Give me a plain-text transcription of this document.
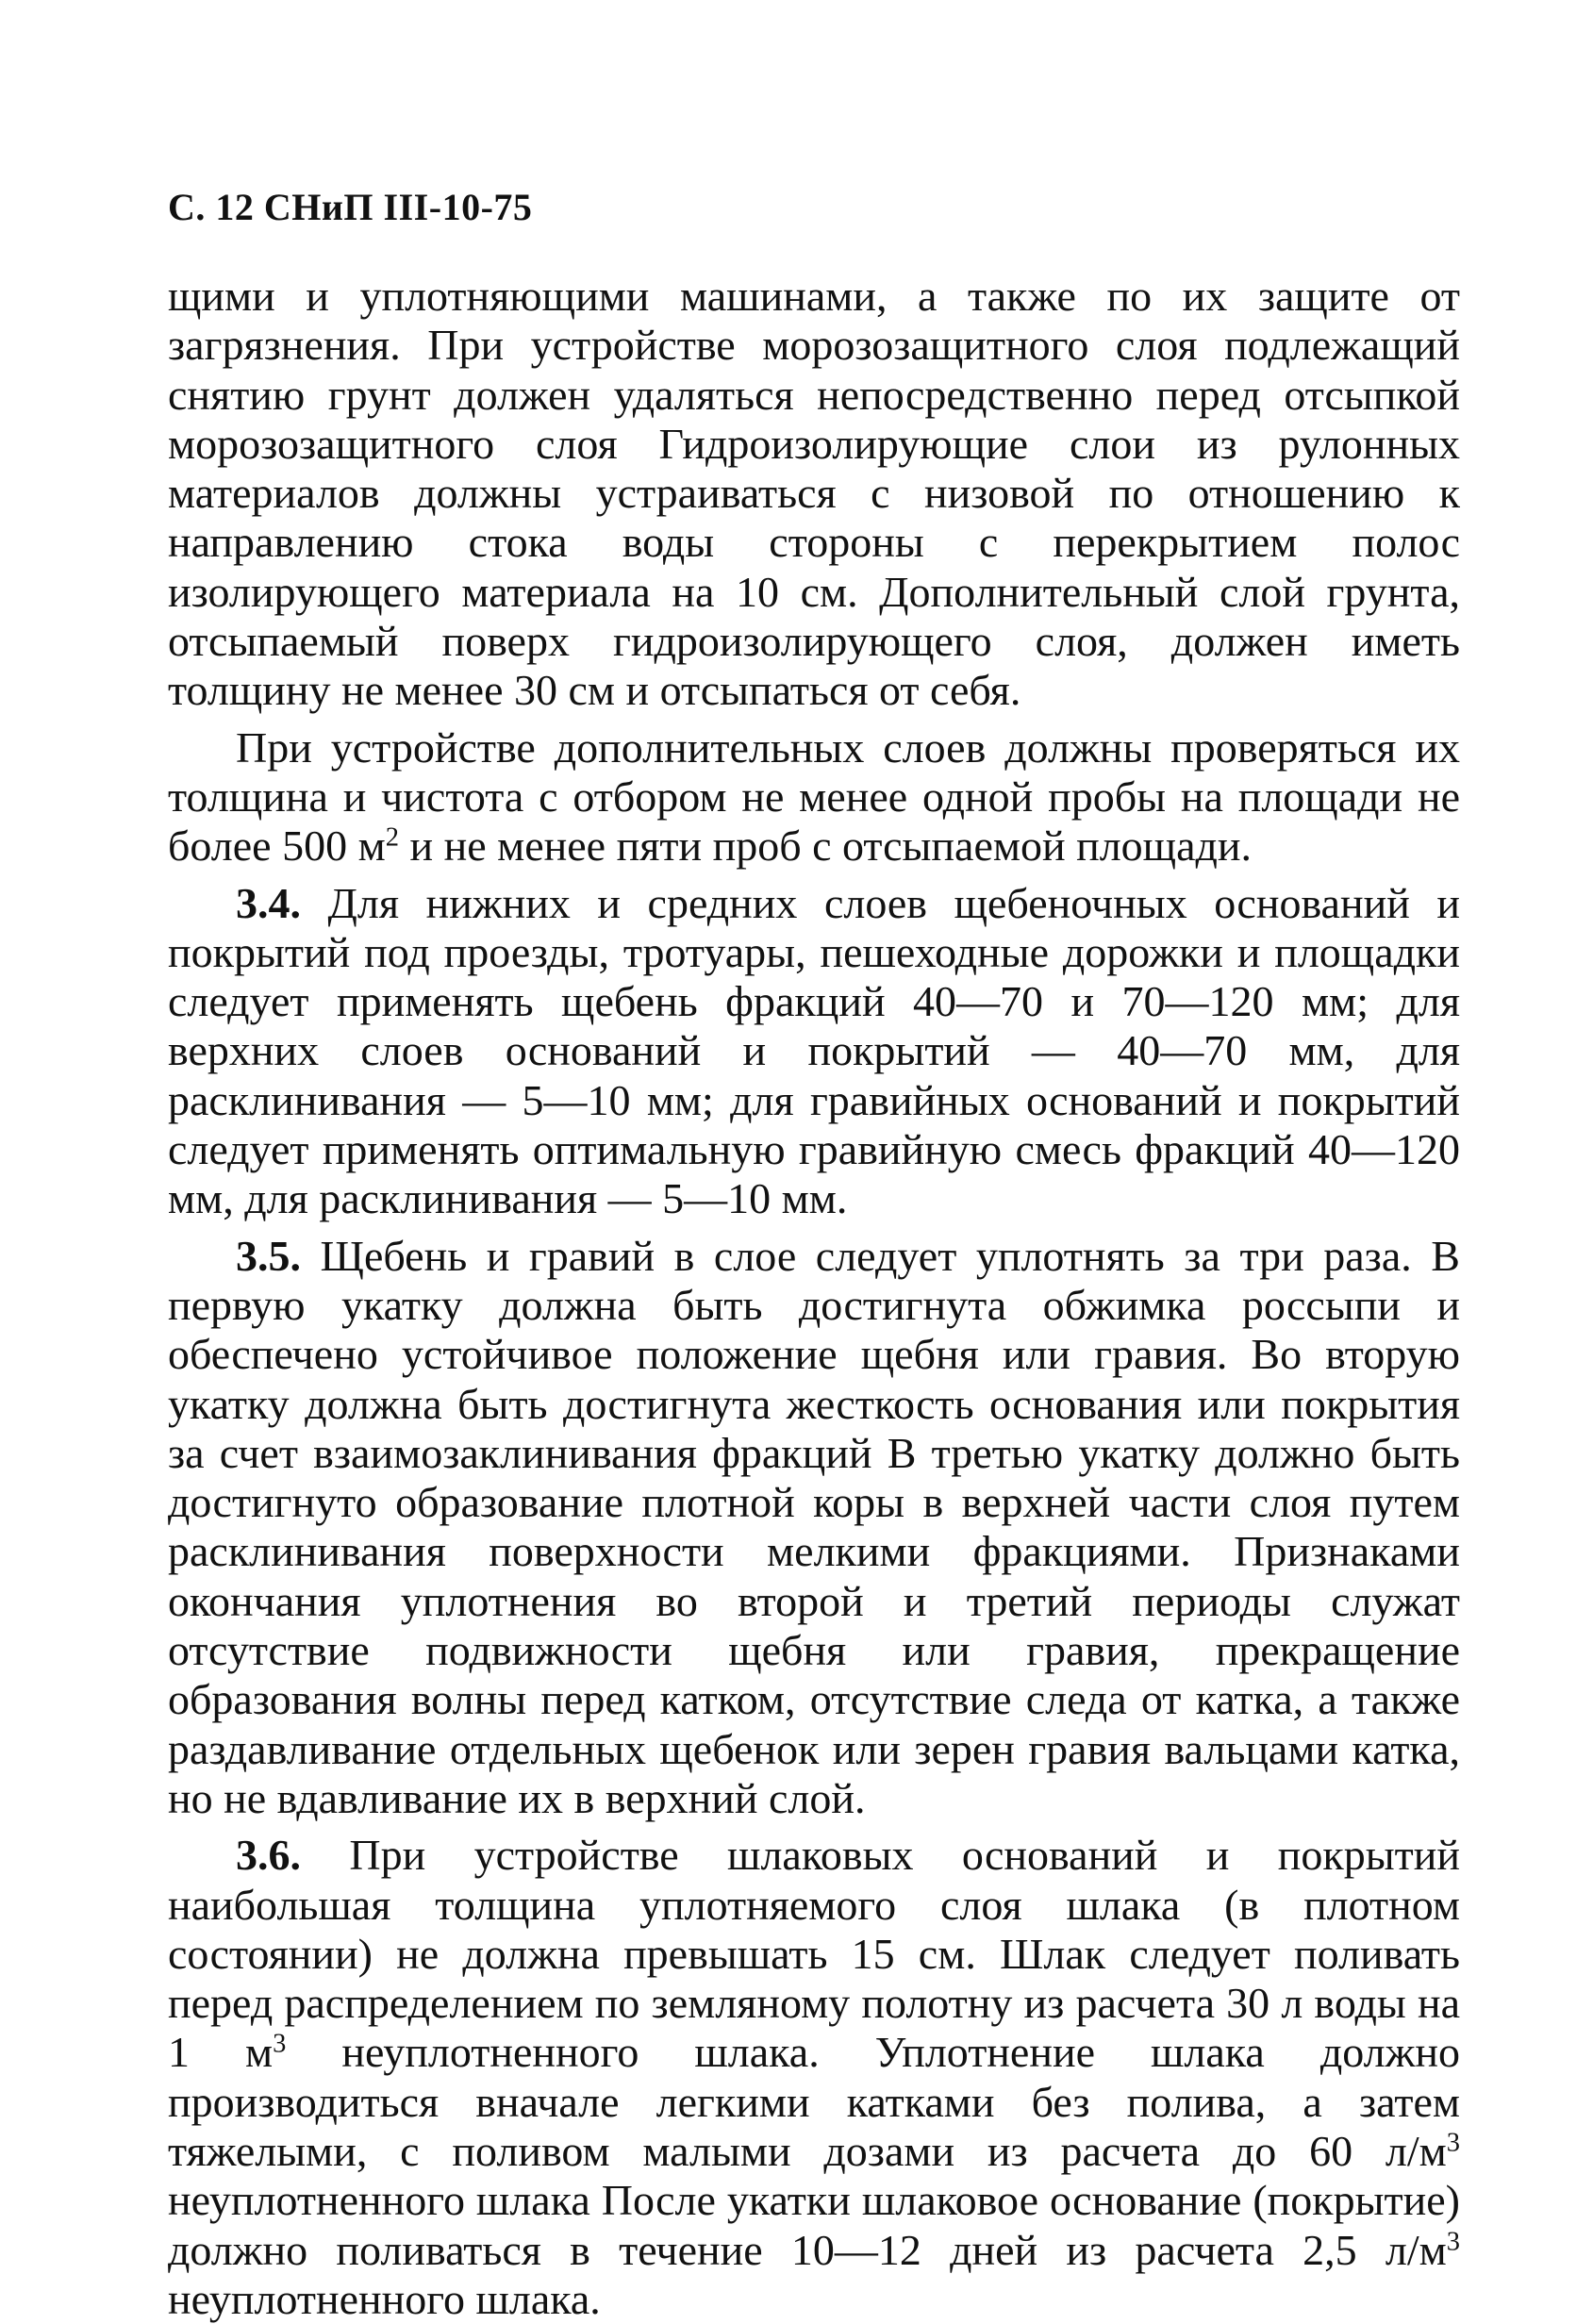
С. 12 СНиП III-10-75

щими и уплотняющими машинами, а также по их защите от загрязнения. При устройстве морозозащитного слоя подлежащий снятию грунт должен удаляться непосредственно перед отсыпкой морозозащитного слоя Гидроизолирующие слои из рулонных материалов должны устраиваться с низовой по отношению к направлению стока воды стороны с перекрытием полос изолирующего материала на 10 см. Дополнительный слой грунта, отсыпаемый поверх гидроизолирующего слоя, должен иметь толщину не менее 30 см и отсыпаться от себя.

При устройстве дополнительных слоев должны проверяться их толщина и чистота с отбором не менее одной пробы на площади не более 500 $м^2$ и не менее пяти проб с отсыпаемой площади.

3.4. Для нижних и средних слоев щебеночных оснований и покрытий под проезды, тротуары, пешеходные дорожки и площадки следует применять щебень фракций 40—70 и 70—120 мм; для верхних слоев оснований и покрытий — 40—70 мм, для расклинивания — 5—10 мм; для гравийных оснований и покрытий следует применять оптимальную гравийную смесь фракций 40—120 мм, для расклинивания — 5—10 мм.

3.5. Щебень и гравий в слое следует уплотнять за три раза. В первую укатку должна быть достигнута обжимка россыпи и обеспечено устойчивое положение щебня или гравия. Во вторую укатку должна быть достигнута жесткость основания или покрытия за счет взаимозаклинивания фракций В третью укатку должно быть достигнуто образование плотной коры в верхней части слоя путем расклинивания поверхности мелкими фракциями. Признаками окончания уплотнения во второй и третий периоды служат отсутствие подвижности щебня или гравия, прекращение образования волны перед катком, отсутствие следа от катка, а также раздавливание отдельных щебенок или зерен гравия вальцами катка, но не вдавливание их в верхний слой.

3.6. При устройстве шлаковых оснований и покрытий наибольшая толщина уплотняемого слоя шлака (в плотном состоянии) не должна превышать 15 см. Шлак следует поливать перед распределением по земляному полотну из расчета 30 л воды на 1 $м^3$ неуплотненного шлака. Уплотнение шлака должно производиться вначале легкими катками без полива, а затем тяжелыми, с поливом малыми дозами из расчета до 60 $л/м^3$ неуплотненного шлака После укатки шлаковое основание (покрытие) должно поливаться в течение 10—12 дней из расчета 2,5 $л/м^3$ неуплотненного шлака.
